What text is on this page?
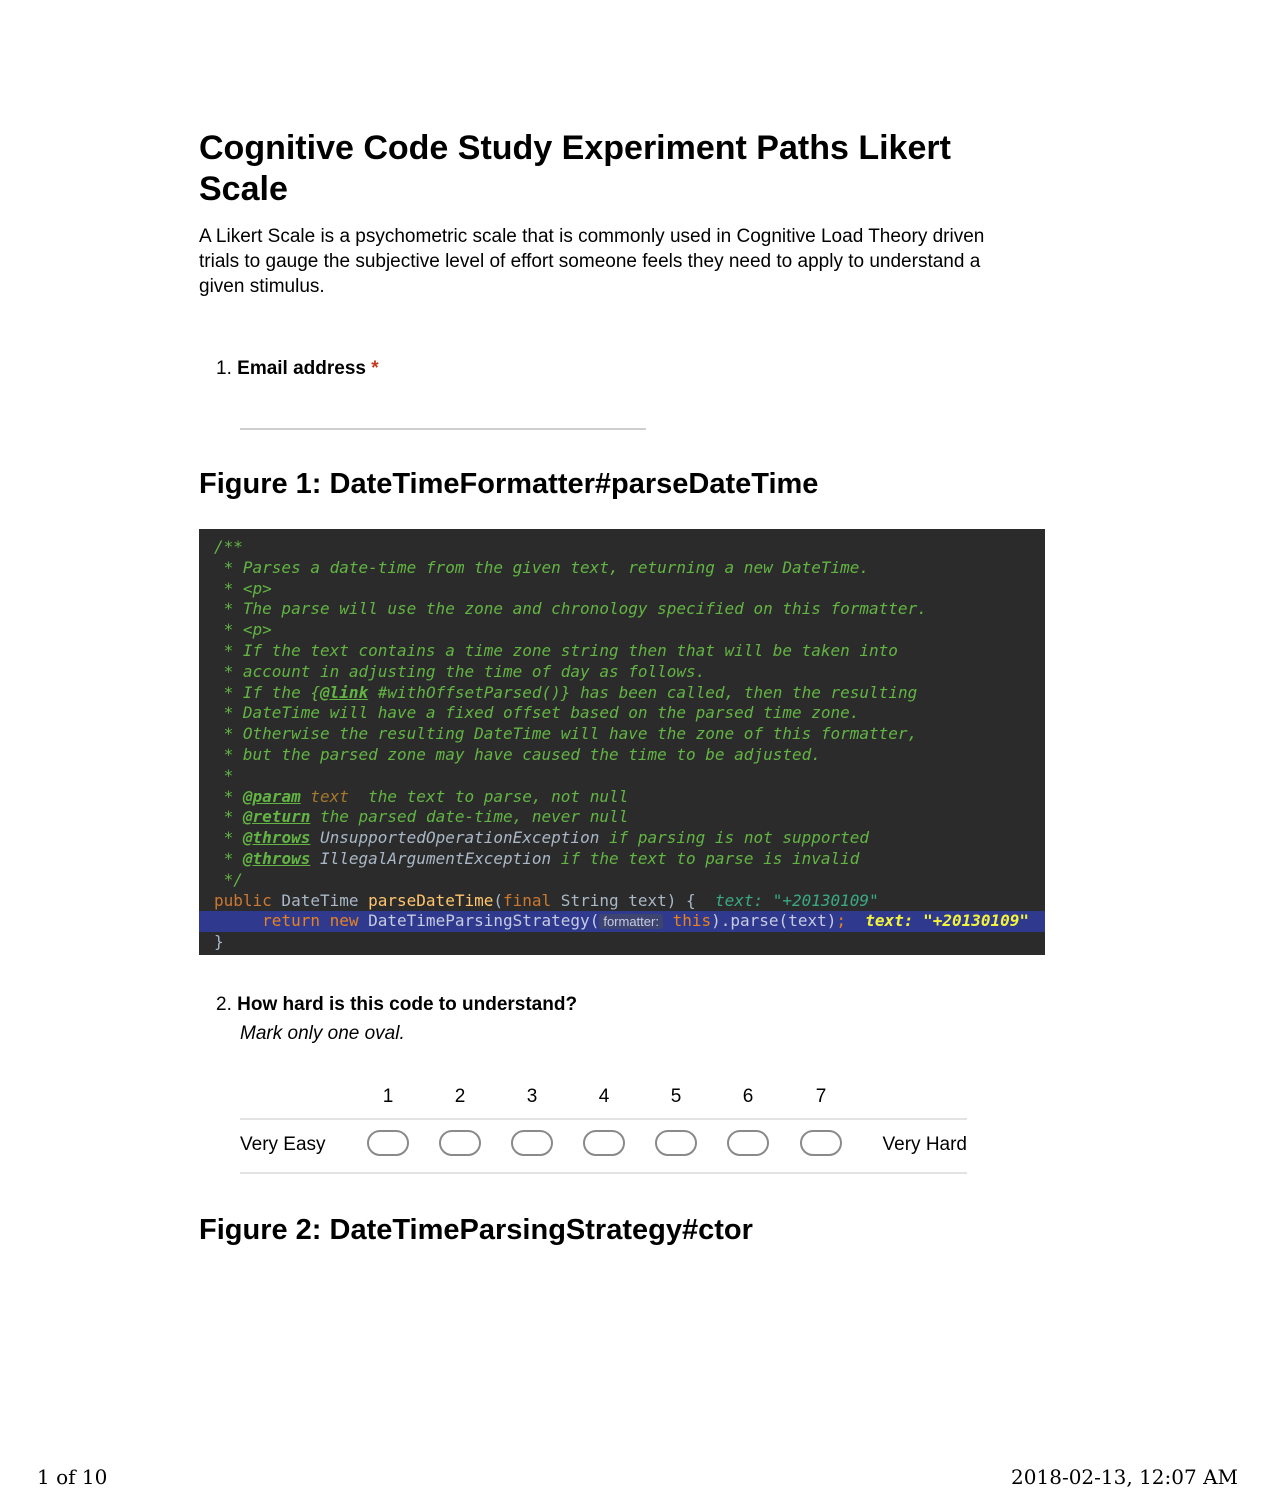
Cognitive Code Study Experiment Paths Likert Scale

A Likert Scale is a psychometric scale that is commonly used in Cognitive Load Theory driven trials to gauge the subjective level of effort someone feels they need to apply to understand a given stimulus.

1. Email address *
Figure 1: DateTimeFormatter#parseDateTime
/**
* Parses a date-time from the given text, returning a new DateTime.
* <p>
* The parse will use the zone and chronology specified on this formatter.
* <p>
* If the text contains a time zone string then that will be taken into
* account in adjusting the time of day as follows.
* If the {@link #withOffsetParsed()} has been called, then the resulting
* DateTime will have a fixed offset based on the parsed time zone.
* Otherwise the resulting DateTime will have the zone of this formatter,
* but the parsed zone may have caused the time to be adjusted.
*
* @param text  the text to parse, not null
* @return the parsed date-time, never null
* @throws UnsupportedOperationException if parsing is not supported
* @throws IllegalArgumentException if the text to parse is invalid
*/
public DateTime parseDateTime(final String text) {  text: "+20130109"
return new DateTimeParsingStrategy( formatter: this).parse(text);  text: "+20130109"
}
2. How hard is this code to understand?
Mark only one oval.
1	2	3	4	5	6	7
Very Easy	Very Hard
Figure 2: DateTimeParsingStrategy#ctor
1 of 10	2018-02-13, 12:07 AM
